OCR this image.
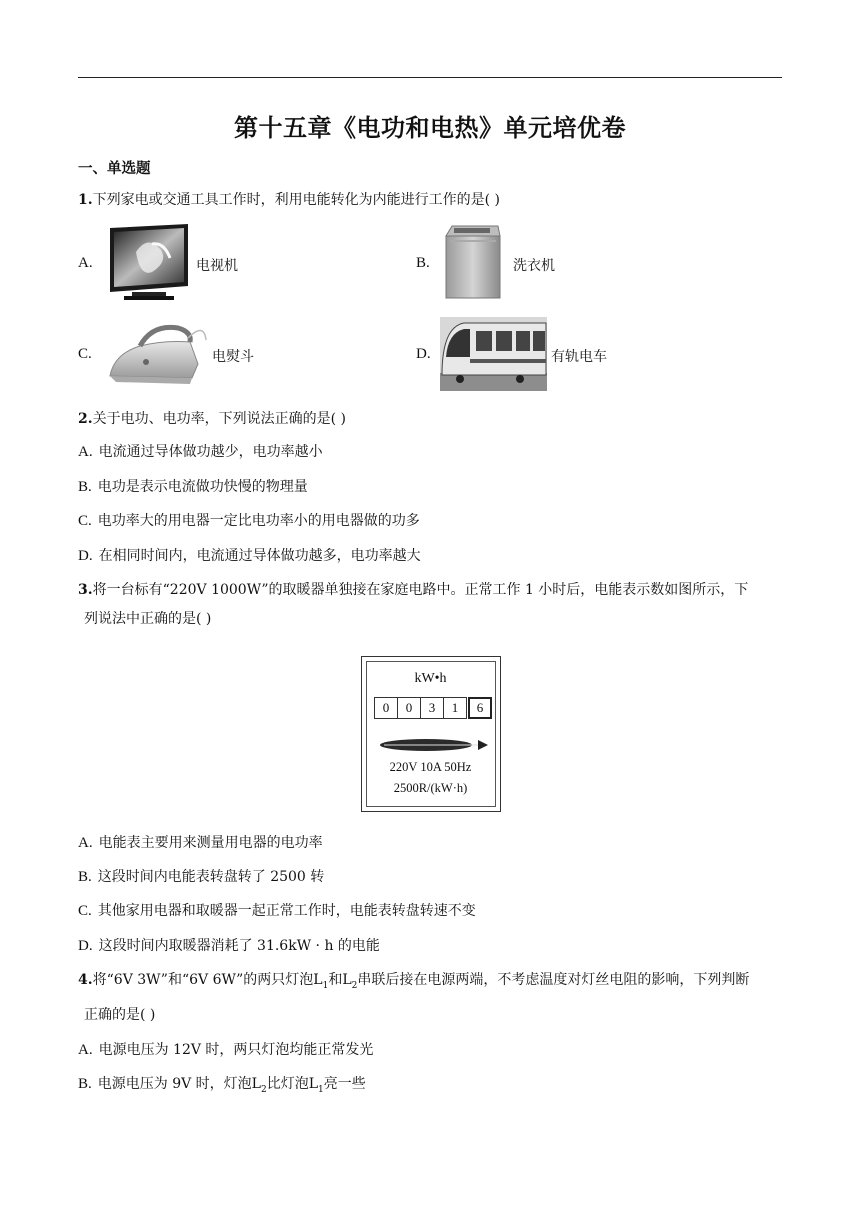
第十五章《电功和电热》单元培优卷
一、单选题
1.下列家电或交通工具工作时，利用电能转化为内能进行工作的是( )
A.	电视机	B.	洗衣机
C.	电熨斗	D.	有轨电车
2.关于电功、电功率，下列说法正确的是( )
A. 电流通过导体做功越少，电功率越小
B. 电功是表示电流做功快慢的物理量
C. 电功率大的用电器一定比电功率小的用电器做的功多
D. 在相同时间内，电流通过导体做功越多，电功率越大
3.将一台标有“220V 1000W”的取暖器单独接在家庭电路中。正常工作 1 小时后，电能表示数如图所示，下
列说法中正确的是( )
kW•h
0	0	3	1	6
220V 10A 50Hz
2500R/(kW·h)
A. 电能表主要用来测量用电器的电功率
B. 这段时间内电能表转盘转了 2500 转
C. 其他家用电器和取暖器一起正常工作时，电能表转盘转速不变
D. 这段时间内取暖器消耗了 31.6kW · h 的电能
4.将“6V 3W”和“6V 6W”的两只灯泡$L_1$和$L_2$串联后接在电源两端，不考虑温度对灯丝电阻的影响，下列判断
正确的是( )
A. 电源电压为 12V 时，两只灯泡均能正常发光
B. 电源电压为 9V 时，灯泡$L_2$比灯泡$L_1$亮一些
